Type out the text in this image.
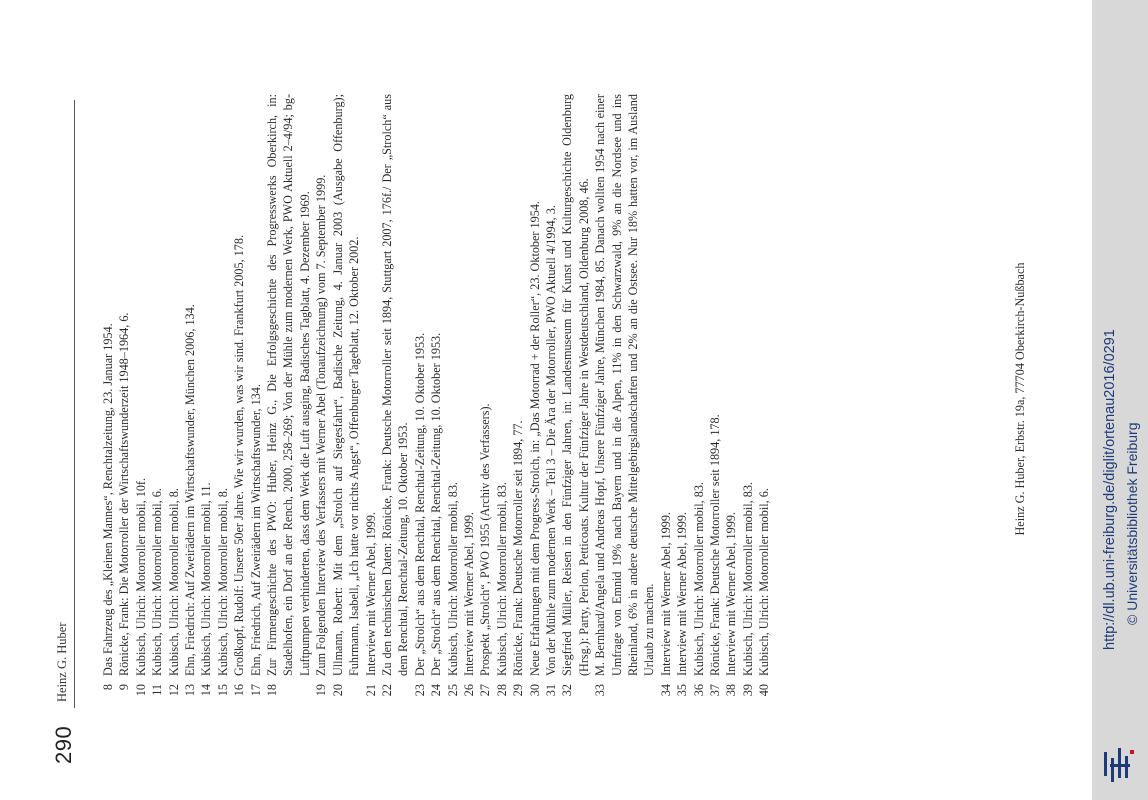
290
Heinz G. Huber	8
Das Fahrzeug des „Kleinen Mannes“, Renchtalzeitung, 23. Januar 1954.
9
Rönicke, Frank: Die Motorroller der Wirtschaftswunderzeit 1948–1964, 6.
10
Kubisch, Ulrich: Motorroller mobil, 10f.
11
Kubisch, Ulrich: Motorroller mobil, 6.
12
Kubisch, Ulrich: Motorroller mobil, 8.
13
Ehn, Friedrich: Auf Zweirädern im Wirtschaftswunder, München 2006, 134.
14
Kubisch, Ulrich: Motorroller mobil, 11.
15
Kubisch, Ulrich: Motorroller mobil, 8.
16
Großkopf, Rudolf: Unsere 50er Jahre. Wie wir wurden, was wir sind. Frankfurt 2005, 178.
17
Ehn, Friedrich, Auf Zweirädern im Wirtschaftswunder, 134.
18
Zur Firmengeschichte des PWO: Huber, Heinz G., Die Erfolgsgeschichte des Progresswerks Oberkirch, in: Stadelhofen, ein Dorf an der Rench, 2000, 258–269; Von der Mühle zum modernen Werk, PWO Aktuell 2–4/94; bg-Luftpumpen verhinderten, dass dem Werk die Luft ausging, Badisches Tagblatt, 4. Dezember 1969.
19
Zum Folgenden Interview des Verfassers mit Werner Abel (Tonaufzeichnung) vom 7. September 1999.
20
Ullmann, Robert: Mit dem „Strolch auf Siegesfahrt“, Badische Zeitung, 4. Januar 2003 (Ausgabe Offenburg); Fuhrmann, Isabell, „Ich hatte vor nichts Angst“, Offenburger Tageblatt, 12. Oktober 2002.
21
Interview mit Werner Abel, 1999.
22
Zu den technischen Daten: Rönicke, Frank: Deutsche Motorroller seit 1894, Stuttgart 2007, 176f./ Der „Strolch“ aus dem Renchtal, Renchtal-Zeitung, 10. Oktober 1953.
23
Der „Strolch“ aus dem Renchtal, Renchtal-Zeitung, 10. Oktober 1953.
24
Der „Strolch“ aus dem Renchtal, Renchtal-Zeitung, 10. Oktober 1953.
25
Kubisch, Ulrich: Motorroller mobil, 83.
26
Interview mit Werner Abel, 1999.
27
Prospekt „Strolch“, PWO 1955 (Archiv des Verfassers).
28
Kubisch, Ulrich: Motorroller mobil, 83.
29
Rönicke, Frank: Deutsche Motorroller seit 1894, 77.
30
Neue Erfahrungen mit dem Progress-Strolch, in: „Das Motorrad + der Roller“, 23. Oktober 1954.
31
Von der Mühle zum modernen Werk – Teil 3 – Die Ära der Motorroller, PWO Aktuell 4/1994, 3.
32
Siegfried Müller, Reisen in den Fünfziger Jahren, in: Landesmuseum für Kunst und Kulturgeschichte Oldenburg (Hrsg.): Party, Perlon, Petticoats. Kultur der Fünfziger Jahre in Westdeutschland, Oldenburg 2008, 46.
33
M. Bernhard/Angela und Andreas Hopf, Unsere Fünfziger Jahre, München 1984, 85. Danach wollten 1954 nach einer Umfrage von Emnid 19% nach Bayern und in die Alpen, 11% in den Schwarzwald, 9% an die Nordsee und ins Rheinland, 6% in andere deutsche Mittelgebirgslandschaften und 2% an die Ostsee. Nur 18% hatten vor, im Ausland Urlaub zu machen.
34
Interview mit Werner Abel, 1999.
35
Interview mit Werner Abel, 1999.
36
Kubisch, Ulrich: Motorroller mobil, 83.
37
Rönicke, Frank: Deutsche Motorroller seit 1894, 178.
38
Interview mit Werner Abel, 1999.
39
Kubisch, Ulrich: Motorroller mobil, 83.
40
Kubisch, Ulrich: Motorroller mobil, 6.
Heinz G. Huber, Erbstr. 19a, 77704 Oberkirch-Nußbach	http://dl.ub.uni-freiburg.de/diglit/ortenau2016/0291 © Universitätsbibliothek Freiburg
